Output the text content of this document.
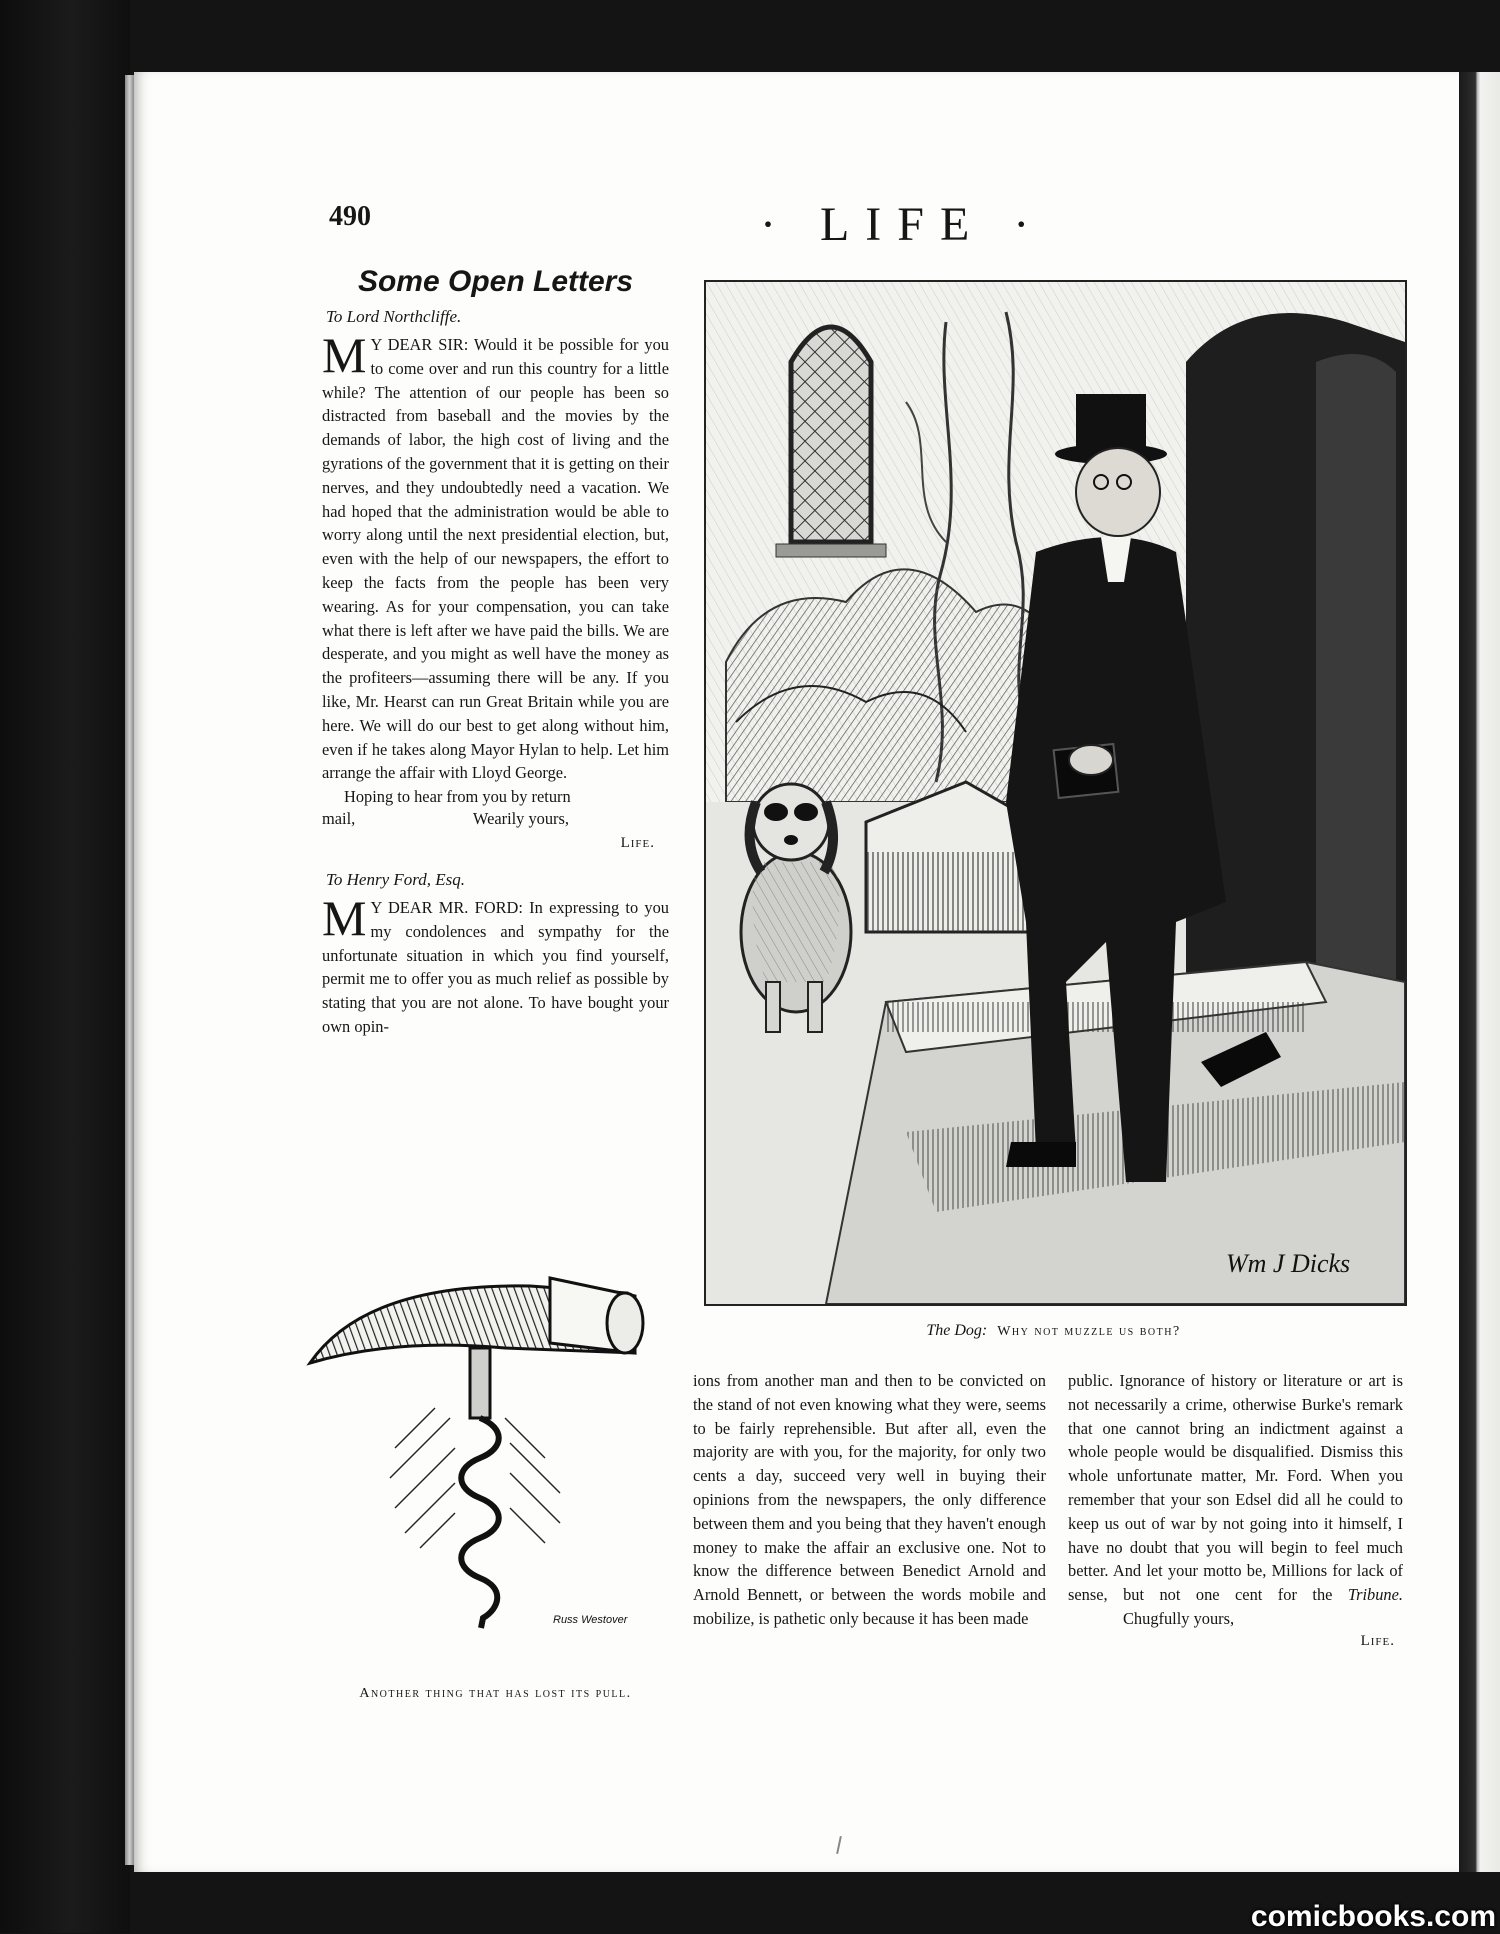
490	· LIFE ·
Some Open Letters
To Lord Northcliffe.

M Y DEAR SIR: Would it be possible for you to come over and run this country for a little while? The attention of our people has been so distracted from baseball and the movies by the demands of labor, the high cost of living and the gyrations of the government that it is getting on their nerves, and they undoubtedly need a vacation. We had hoped that the administration would be able to worry along until the next presidential election, but, even with the help of our newspapers, the effort to keep the facts from the people has been very wearing. As for your compensation, you can take what there is left after we have paid the bills. We are desperate, and you might as well have the money as the profiteers—assuming there will be any. If you like, Mr. Hearst can run Great Britain while you are here. We will do our best to get along without him, even if he takes along Mayor Hylan to help. Let him arrange the affair with Lloyd George.

Hoping to hear from you by return

mail,	Wearily yours,
Life.
To Henry Ford, Esq.

M Y DEAR MR. FORD: In expressing to you my condolences and sympathy for the unfortunate situation in which you find yourself, permit me to offer you as much relief as possible by stating that you are not alone. To have bought your own opin-

Wm J Dicks
The Dog: Why not muzzle us both?
Russ Westover
Another thing that has lost its pull.

ions from another man and then to be convicted on the stand of not even knowing what they were, seems to be fairly reprehensible. But after all, even the majority are with you, for the majority, for only two cents a day, succeed very well in buying their opinions from the newspapers, the only difference between them and you being that they haven't enough money to make the affair an exclusive one. Not to know the difference between Benedict Arnold and Arnold Bennett, or between the words mobile and mobilize, is pathetic only because it has been made

public. Ignorance of history or literature or art is not necessarily a crime, otherwise Burke's remark that one cannot bring an indictment against a whole people would be disqualified. Dismiss this whole unfortunate matter, Mr. Ford. When you remember that your son Edsel did all he could to keep us out of war by not going into it himself, I have no doubt that you will begin to feel much better. And let your motto be, Millions for lack of sense, but not one cent for the Tribune. Chugfully yours,

Life.
comicbooks.com
